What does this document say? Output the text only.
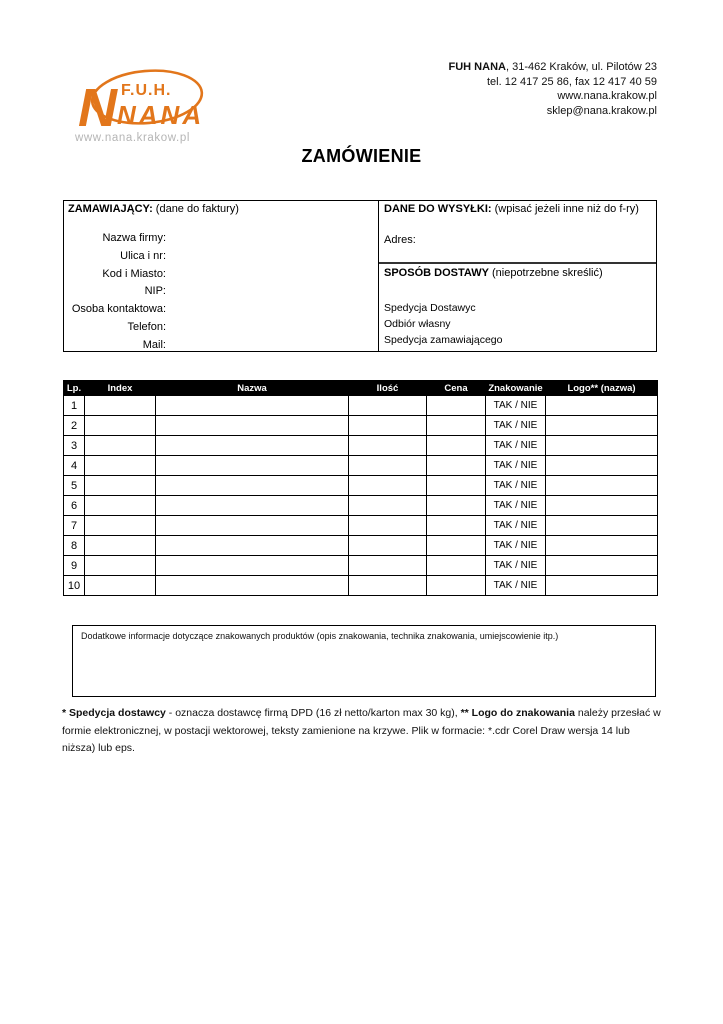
N F.U.H.
NANA
www.nana.krakow.pl
FUH NANA, 31-462 Kraków, ul. Pilotów 23
tel. 12 417 25 86, fax 12 417 40 59
www.nana.krakow.pl
sklep@nana.krakow.pl
ZAMÓWIENIE
ZAMAWIAJĄCY: (dane do faktury)
Nazwa firmy:
Ulica i nr:
Kod i Miasto:
NIP:
Osoba kontaktowa:
Telefon:
Mail:
DANE DO WYSYŁKI: (wpisać jeżeli inne niż do f-ry)
Adres:
SPOSÓB DOSTAWY (niepotrzebne skreślić)
Spedycja Dostawyc
Odbiór własny
Spedycja zamawiającego
Lp.	Index	Nazwa	Ilość	Cena	Znakowanie	Logo** (nazwa)
1					TAK / NIE	
2					TAK / NIE	
3					TAK / NIE	
4					TAK / NIE	
5					TAK / NIE	
6					TAK / NIE	
7					TAK / NIE	
8					TAK / NIE	
9					TAK / NIE	
10					TAK / NIE	
Dodatkowe informacje dotyczące znakowanych produktów (opis znakowania, technika znakowania, umiejscowienie itp.)
* Spedycja dostawcy - oznacza dostawcę firmą DPD (16 zł netto/karton max 30 kg), ** Logo do znakowania należy przesłać w formie elektronicznej, w postacji wektorowej, teksty zamienione na krzywe. Plik w formacie: *.cdr Corel Draw wersja 14 lub niższa) lub eps.
